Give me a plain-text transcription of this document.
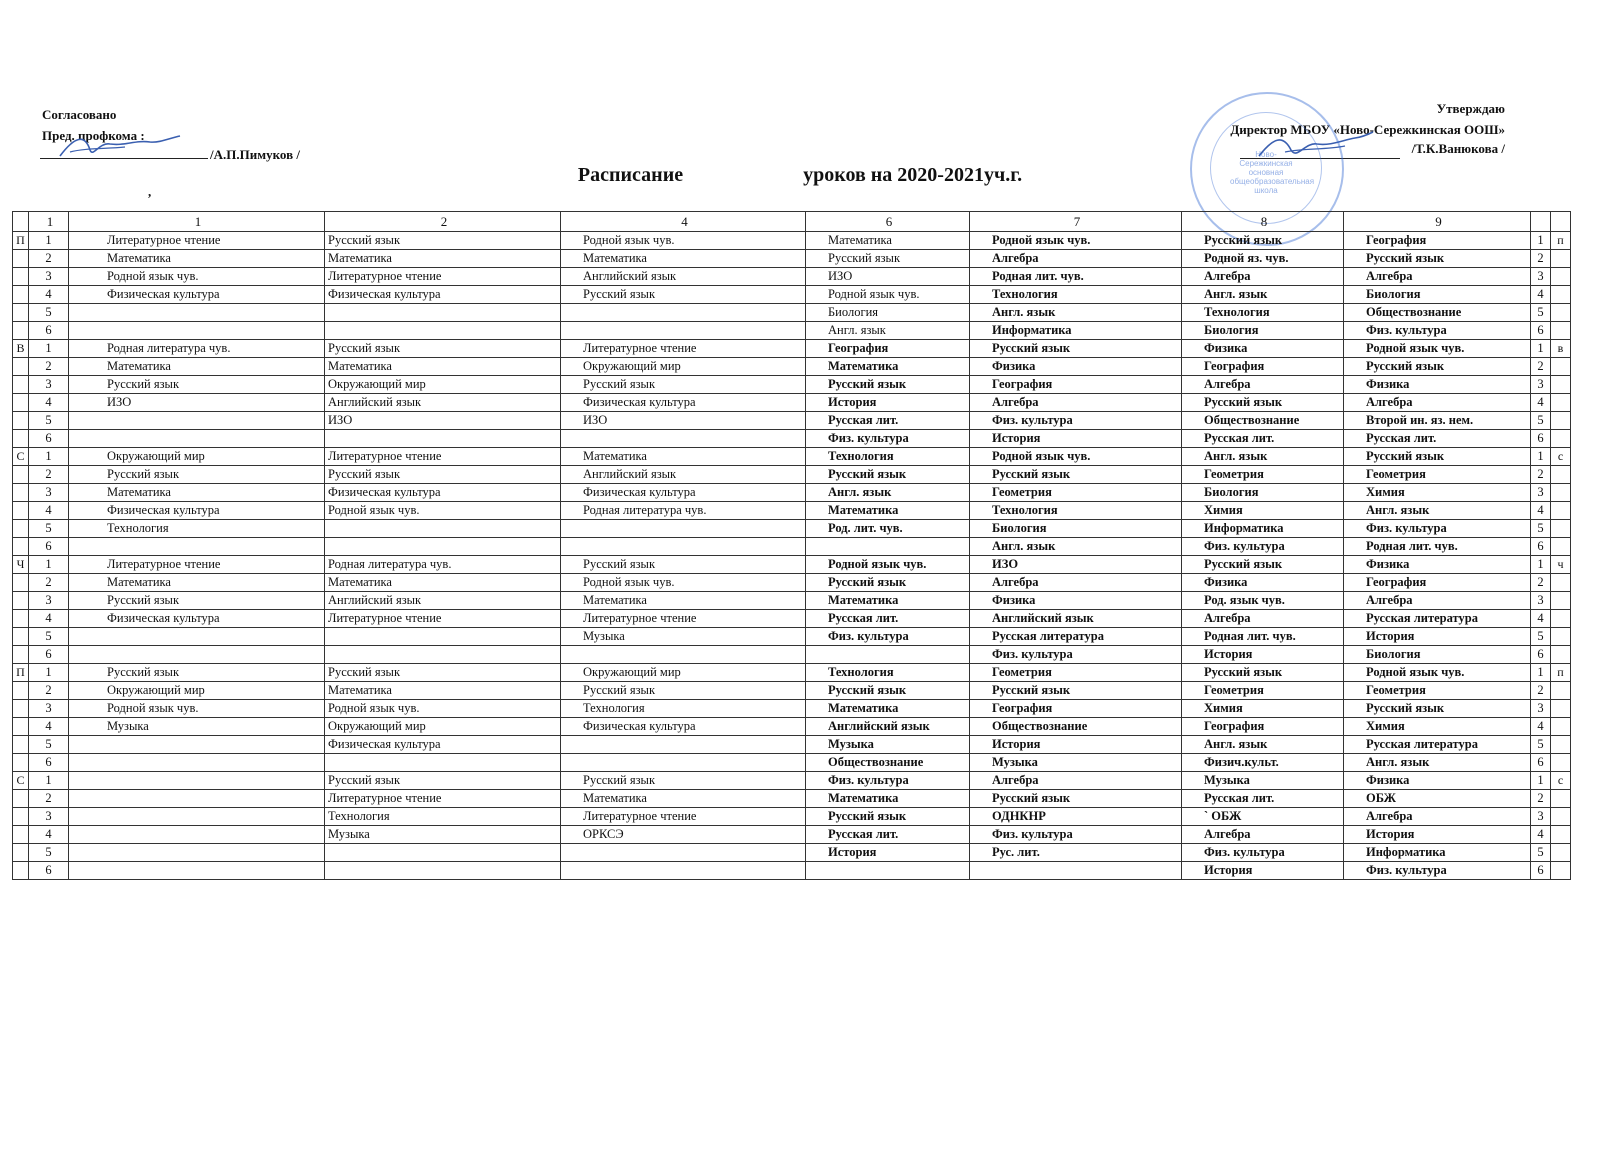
Согласовано
Пред. профкома :
/А.П.Пимуков /
,
Утверждаю
Директор МБОУ «Ново-Сережкинская ООШ»
/Т.К.Ванюкова /
Ново-Сережкинская основная общеобразовательная школа
Расписание	уроков на 2020-2021уч.г.
	1	1	2	4	6	7	8	9		
П	1	Литературное чтение	Русский язык	Родной язык чув.	Математика	Родной язык чув.	Русский язык	География	1	п
	2	Математика	Математика	Математика	Русский язык	Алгебра	Родной яз. чув.	Русский язык	2	
	3	Родной язык чув.	Литературное чтение	Английский язык	ИЗО	Родная лит. чув.	Алгебра	Алгебра	3	
	4	Физическая культура	Физическая культура	Русский язык	Родной язык чув.	Технология	Англ. язык	Биология	4	
	5				Биология	Англ. язык	Технология	Обществознание	5	
	6				Англ. язык	Информатика	Биология	Физ. культура	6	
В	1	Родная литература чув.	Русский язык	Литературное чтение	География	Русский язык	Физика	Родной язык чув.	1	в
	2	Математика	Математика	Окружающий мир	Математика	Физика	География	Русский язык	2	
	3	Русский язык	Окружающий мир	Русский язык	Русский язык	География	Алгебра	Физика	3	
	4	ИЗО	Английский язык	Физическая культура	История	Алгебра	Русский язык	Алгебра	4	
	5		ИЗО	ИЗО	Русская лит.	Физ. культура	Обществознание	Второй ин. яз. нем.	5	
	6				Физ. культура	История	Русская лит.	Русская лит.	6	
С	1	Окружающий мир	Литературное чтение	Математика	Технология	Родной язык чув.	Англ. язык	Русский язык	1	с
	2	Русский язык	Русский язык	Английский язык	Русский язык	Русский язык	Геометрия	Геометрия	2	
	3	Математика	Физическая культура	Физическая культура	Англ. язык	Геометрия	Биология	Химия	3	
	4	Физическая культура	Родной язык чув.	Родная литература чув.	Математика	Технология	Химия	Англ. язык	4	
	5	Технология			Род. лит. чув.	Биология	Информатика	Физ. культура	5	
	6					Англ. язык	Физ. культура	Родная лит. чув.	6	
Ч	1	Литературное чтение	Родная литература чув.	Русский язык	Родной язык чув.	ИЗО	Русский язык	Физика	1	ч
	2	Математика	Математика	Родной язык чув.	Русский язык	Алгебра	Физика	География	2	
	3	Русский язык	Английский язык	Математика	Математика	Физика	Род. язык чув.	Алгебра	3	
	4	Физическая культура	Литературное чтение	Литературное чтение	Русская лит.	Английский язык	Алгебра	Русская литература	4	
	5			Музыка	Физ. культура	Русская литература	Родная лит. чув.	История	5	
	6					Физ. культура	История	Биология	6	
П	1	Русский язык	Русский язык	Окружающий мир	Технология	Геометрия	Русский язык	Родной язык чув.	1	п
	2	Окружающий мир	Математика	Русский язык	Русский язык	Русский язык	Геометрия	Геометрия	2	
	3	Родной язык чув.	Родной язык чув.	Технология	Математика	География	Химия	Русский язык	3	
	4	Музыка	Окружающий мир	Физическая культура	Английский язык	Обществознание	География	Химия	4	
	5		Физическая культура		Музыка	История	Англ. язык	Русская литература	5	
	6				Обществознание	Музыка	Физич.культ.	Англ. язык	6	
С	1		Русский язык	Русский язык	Физ. культура	Алгебра	Музыка	Физика	1	с
	2		Литературное чтение	Математика	Математика	Русский язык	Русская лит.	ОБЖ	2	
	3		Технология	Литературное чтение	Русский язык	ОДНКНР	` ОБЖ	Алгебра	3	
	4		Музыка	ОРКСЭ	Русская лит.	Физ. культура	Алгебра	История	4	
	5				История	Рус. лит.	Физ. культура	Информатика	5	
	6						История	Физ. культура	6	
